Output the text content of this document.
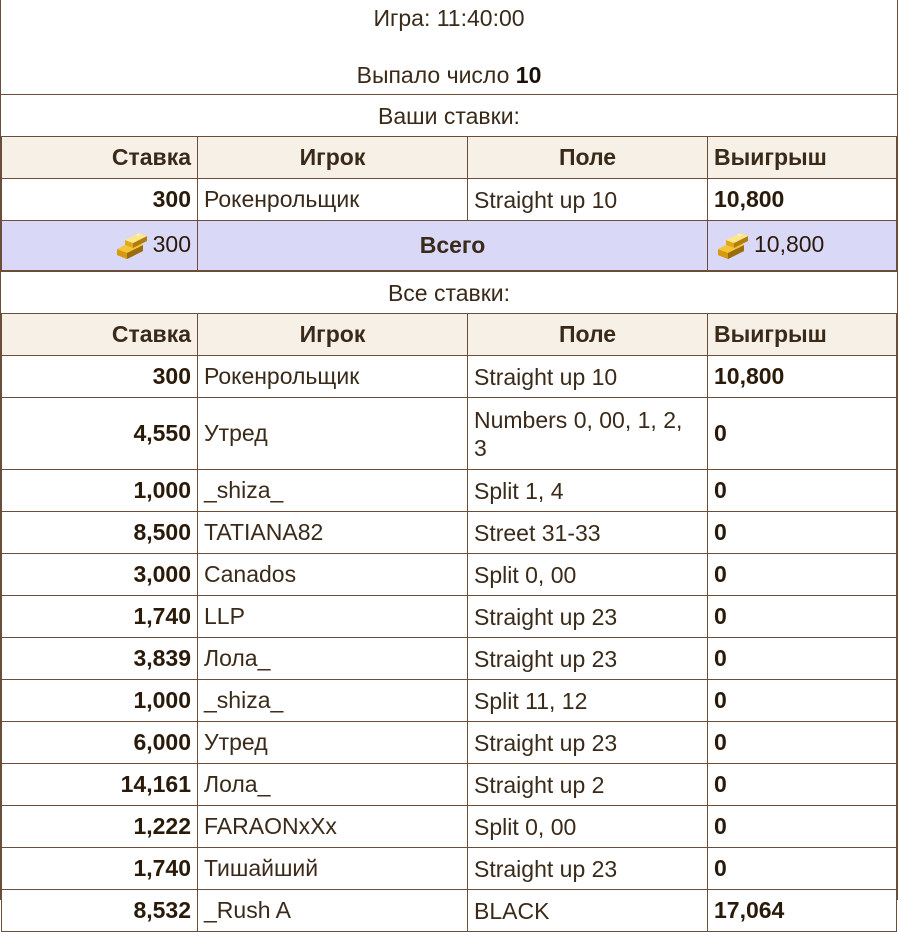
Игра: 11:40:00
Выпало число 10
Ваши ставки:
Ставка	Игрок	Поле	Выигрыш
300	Рокенрольщик	Straight up 10	10,800
300	Всего		10,800
Все ставки:
Ставка	Игрок	Поле	Выигрыш
300	Рокенрольщик	Straight up 10	10,800
4,550	Утред	Numbers 0, 00, 1, 2, 3	0
1,000	_shiza_	Split 1, 4	0
8,500	TATIANA82	Street 31-33	0
3,000	Canados	Split 0, 00	0
1,740	LLP	Straight up 23	0
3,839	Лола_	Straight up 23	0
1,000	_shiza_	Split 11, 12	0
6,000	Утред	Straight up 23	0
14,161	Лола_	Straight up 2	0
1,222	FARAONxXx	Split 0, 00	0
1,740	Тишайший	Straight up 23	0
8,532	_Rush A	BLACK	17,064
